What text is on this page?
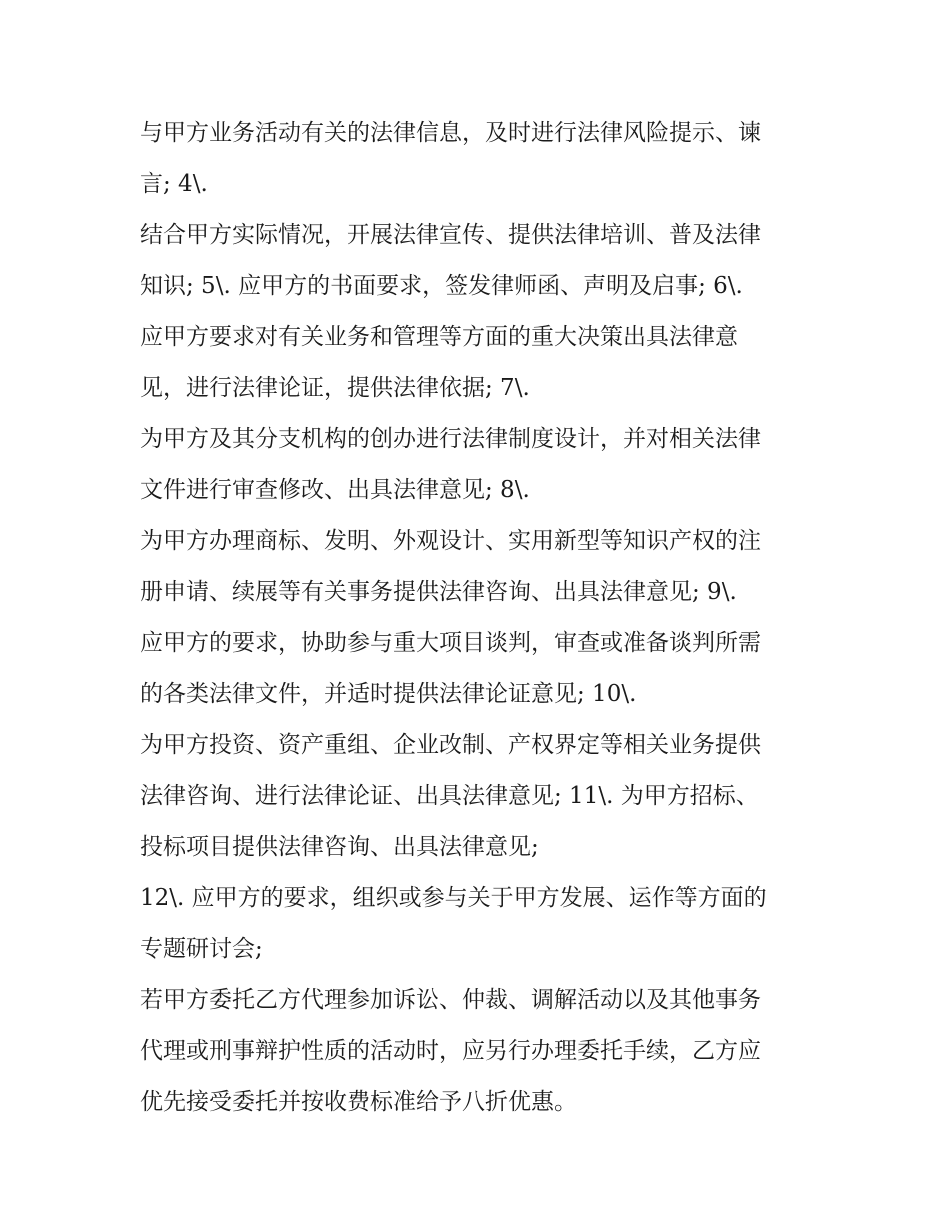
与甲方业务活动有关的法律信息，及时进行法律风险提示、谏
言; 4\.
结合甲方实际情况，开展法律宣传、提供法律培训、普及法律
知识; 5\. 应甲方的书面要求，签发律师函、声明及启事; 6\.
应甲方要求对有关业务和管理等方面的重大决策出具法律意
见，进行法律论证，提供法律依据; 7\.
为甲方及其分支机构的创办进行法律制度设计，并对相关法律
文件进行审查修改、出具法律意见; 8\.
为甲方办理商标、发明、外观设计、实用新型等知识产权的注
册申请、续展等有关事务提供法律咨询、出具法律意见; 9\.
应甲方的要求，协助参与重大项目谈判，审查或准备谈判所需
的各类法律文件，并适时提供法律论证意见; 10\.
为甲方投资、资产重组、企业改制、产权界定等相关业务提供
法律咨询、进行法律论证、出具法律意见; 11\. 为甲方招标、
投标项目提供法律咨询、出具法律意见;
12\. 应甲方的要求，组织或参与关于甲方发展、运作等方面的
专题研讨会;
若甲方委托乙方代理参加诉讼、仲裁、调解活动以及其他事务
代理或刑事辩护性质的活动时，应另行办理委托手续，乙方应
优先接受委托并按收费标准给予八折优惠。
